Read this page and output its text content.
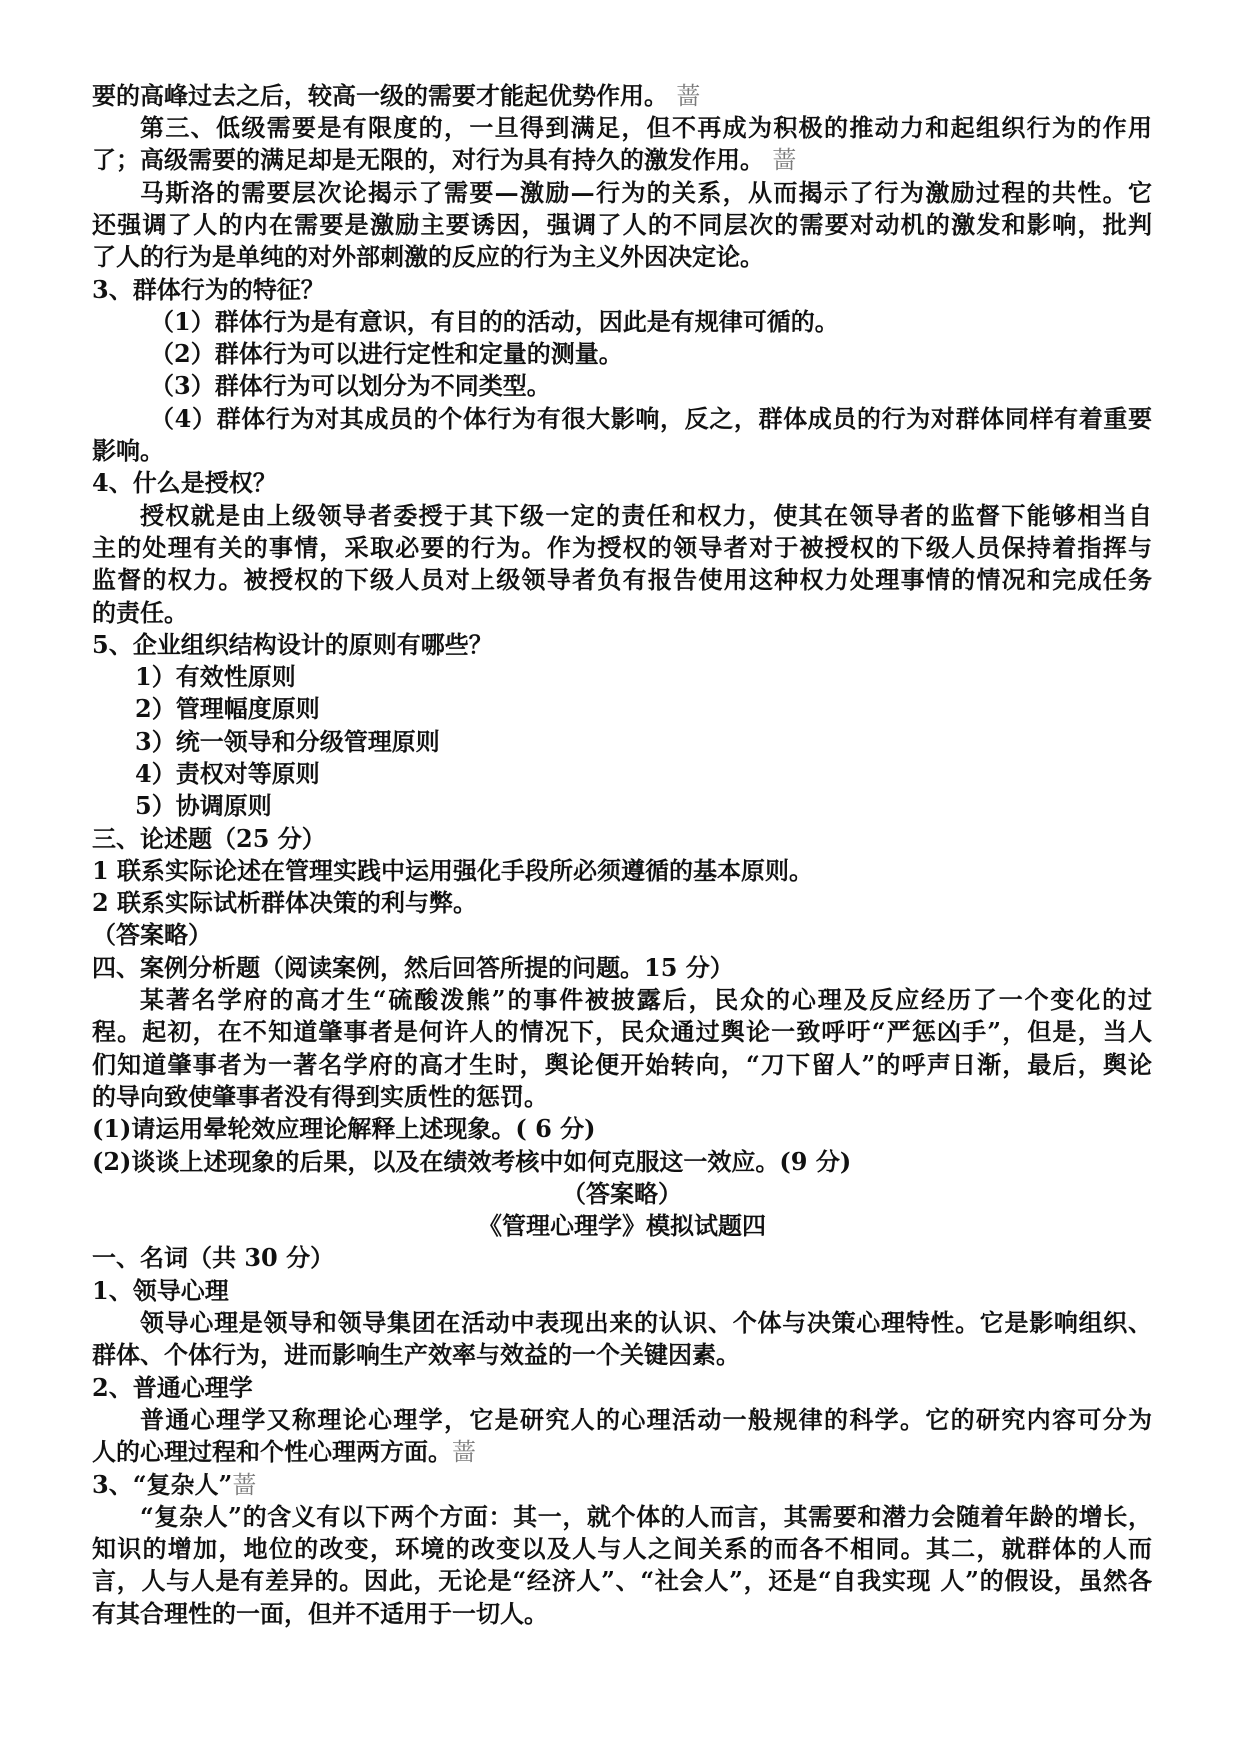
要的高峰过去之后，较高一级的需要才能起优势作用。 蔷
第三、低级需要是有限度的，一旦得到满足，但不再成为积极的推动力和起组织行为的作用
了；高级需要的满足却是无限的，对行为具有持久的激发作用。 蔷
马斯洛的需要层次论揭示了需要—激励—行为的关系，从而揭示了行为激励过程的共性。它
还强调了人的内在需要是激励主要诱因，强调了人的不同层次的需要对动机的激发和影响，批判
了人的行为是单纯的对外部刺激的反应的行为主义外因决定论。
3、群体行为的特征？
（1）群体行为是有意识，有目的的活动，因此是有规律可循的。
（2）群体行为可以进行定性和定量的测量。
（3）群体行为可以划分为不同类型。
（4）群体行为对其成员的个体行为有很大影响，反之，群体成员的行为对群体同样有着重要
影响。
4、什么是授权？
授权就是由上级领导者委授于其下级一定的责任和权力，使其在领导者的监督下能够相当自
主的处理有关的事情，采取必要的行为。作为授权的领导者对于被授权的下级人员保持着指挥与
监督的权力。被授权的下级人员对上级领导者负有报告使用这种权力处理事情的情况和完成任务
的责任。
5、企业组织结构设计的原则有哪些？
1）有效性原则
2）管理幅度原则
3）统一领导和分级管理原则
4）责权对等原则
5）协调原则
三、论述题（25 分）
1 联系实际论述在管理实践中运用强化手段所必须遵循的基本原则。
2 联系实际试析群体决策的利与弊。
（答案略）
四、案例分析题（阅读案例，然后回答所提的问题。15 分）
某著名学府的高才生“硫酸泼熊”的事件被披露后，民众的心理及反应经历了一个变化的过
程。起初，在不知道肇事者是何许人的情况下，民众通过舆论一致呼吁“严惩凶手”，但是，当人
们知道肇事者为一著名学府的高才生时，舆论便开始转向，“刀下留人”的呼声日渐，最后，舆论
的导向致使肇事者没有得到实质性的惩罚。
(1)请运用晕轮效应理论解释上述现象。( 6 分)
(2)谈谈上述现象的后果，以及在绩效考核中如何克服这一效应。(9 分)
（答案略）
《管理心理学》模拟试题四
一、名词（共 30 分）
1、领导心理
领导心理是领导和领导集团在活动中表现出来的认识、个体与决策心理特性。它是影响组织、
群体、个体行为，进而影响生产效率与效益的一个关键因素。
2、普通心理学
普通心理学又称理论心理学，它是研究人的心理活动一般规律的科学。它的研究内容可分为
人的心理过程和个性心理两方面。蔷
3、“复杂人”蔷
“复杂人”的含义有以下两个方面：其一，就个体的人而言，其需要和潜力会随着年龄的增长，
知识的增加，地位的改变，环境的改变以及人与人之间关系的而各不相同。其二，就群体的人而
言，人与人是有差异的。因此，无论是“经济人”、“社会人”，还是“自我实现 人”的假设，虽然各
有其合理性的一面，但并不适用于一切人。
